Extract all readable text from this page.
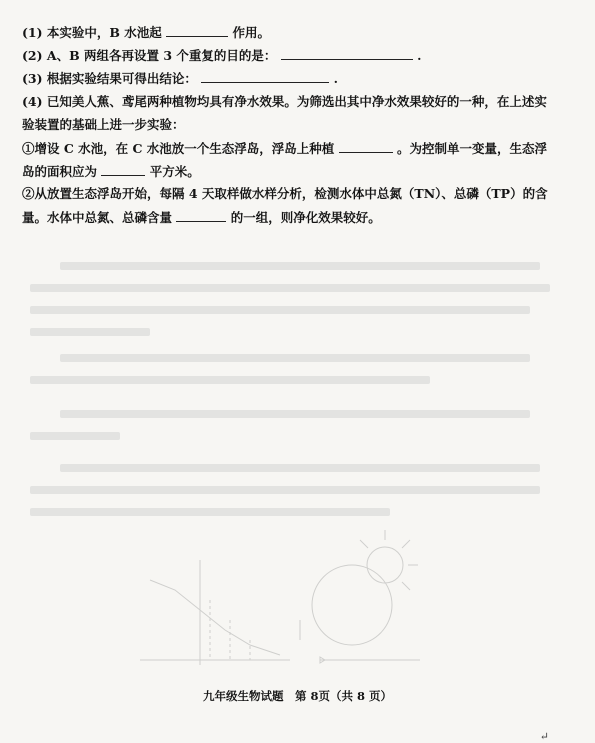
(1) 本实验中，B 水池起	作用。
(2) A、B 两组各再设置 3 个重复的目的是：	.
(3) 根据实验结果可得出结论：	.
(4) 已知美人蕉、鸢尾两种植物均具有净水效果。为筛选出其中净水效果较好的一种，在上述实
验装置的基础上进一步实验：
①增设 C 水池，在 C 水池放一个生态浮岛，浮岛上种植	。为控制单一变量，生态浮
岛的面积应为	平方米。
②从放置生态浮岛开始，每隔 4 天取样做水样分析，检测水体中总氮（TN）、总磷（TP）的含
量。水体中总氮、总磷含量	的一组，则净化效果较好。
九年级生物试题　第 8页（共 8 页）
↵
